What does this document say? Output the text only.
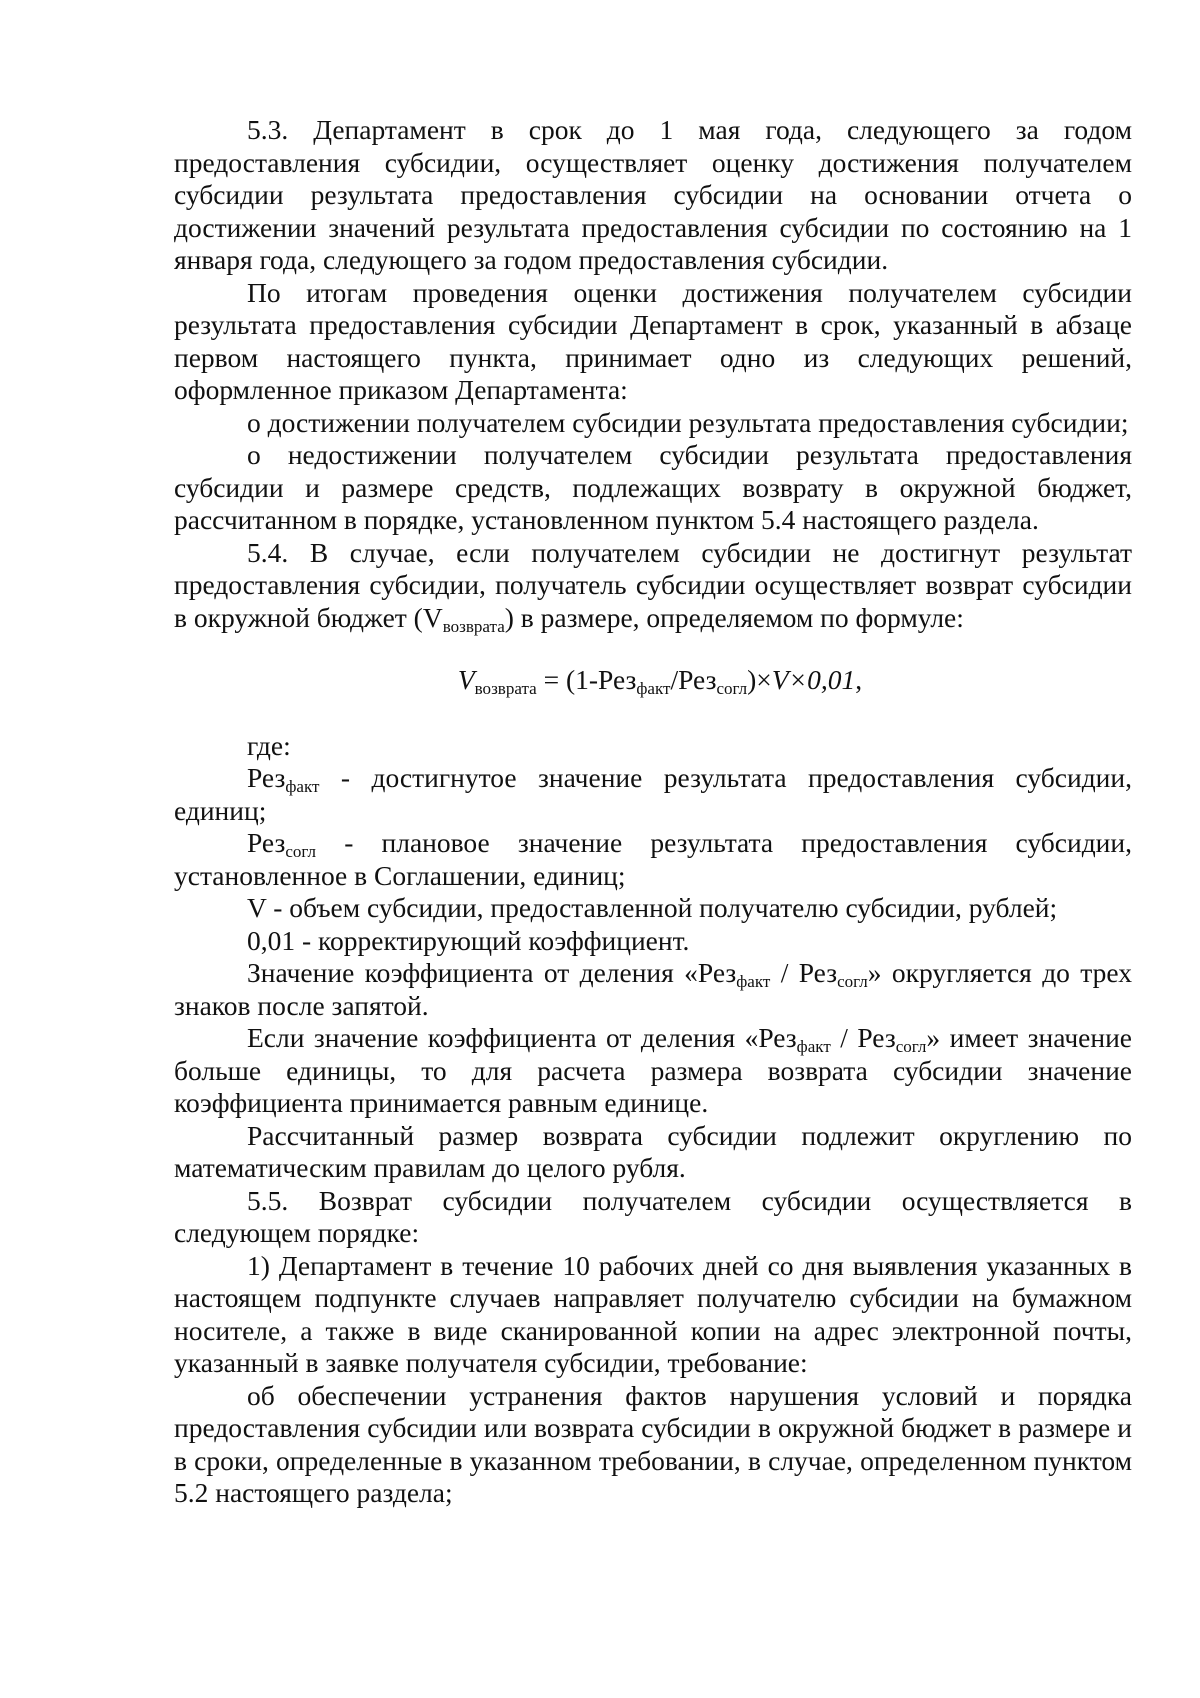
5.3. Департамент в срок до 1 мая года, следующего за годом предоставления субсидии, осуществляет оценку достижения получателем субсидии результата предоставления субсидии на основании отчета о достижении значений результата предоставления субсидии по состоянию на 1 января года, следующего за годом предоставления субсидии.

По итогам проведения оценки достижения получателем субсидии результата предоставления субсидии Департамент в срок, указанный в абзаце первом настоящего пункта, принимает одно из следующих решений, оформленное приказом Департамента:

о достижении получателем субсидии результата предоставления субсидии;

о недостижении получателем субсидии результата предоставления субсидии и размере средств, подлежащих возврату в окружной бюджет, рассчитанном в порядке, установленном пунктом 5.4 настоящего раздела.

5.4. В случае, если получателем субсидии не достигнут результат предоставления субсидии, получатель субсидии осуществляет возврат субсидии в окружной бюджет $(V_{возврата})$ в размере, определяемом по формуле:

$V_{возврата} = (1-Рез_{факт}/Рез_{согл})\times V\times 0,01$,

где:

Рез$_{факт}$ - достигнутое значение результата предоставления субсидии, единиц;

Рез$_{согл}$ - плановое значение результата предоставления субсидии, установленное в Соглашении, единиц;

V - объем субсидии, предоставленной получателю субсидии, рублей;

0,01 - корректирующий коэффициент.

Значение коэффициента от деления «Рез$_{факт}$ / Рез$_{согл}$» округляется до трех знаков после запятой.

Если значение коэффициента от деления «Рез$_{факт}$ / Рез$_{согл}$» имеет значение больше единицы, то для расчета размера возврата субсидии значение коэффициента принимается равным единице.

Рассчитанный размер возврата субсидии подлежит округлению по математическим правилам до целого рубля.

5.5. Возврат субсидии получателем субсидии осуществляется в следующем порядке:

1) Департамент в течение 10 рабочих дней со дня выявления указанных в настоящем подпункте случаев направляет получателю субсидии на бумажном носителе, а также в виде сканированной копии на адрес электронной почты, указанный в заявке получателя субсидии, требование:

об обеспечении устранения фактов нарушения условий и порядка предоставления субсидии или возврата субсидии в окружной бюджет в размере и в сроки, определенные в указанном требовании, в случае, определенном пунктом 5.2 настоящего раздела;
